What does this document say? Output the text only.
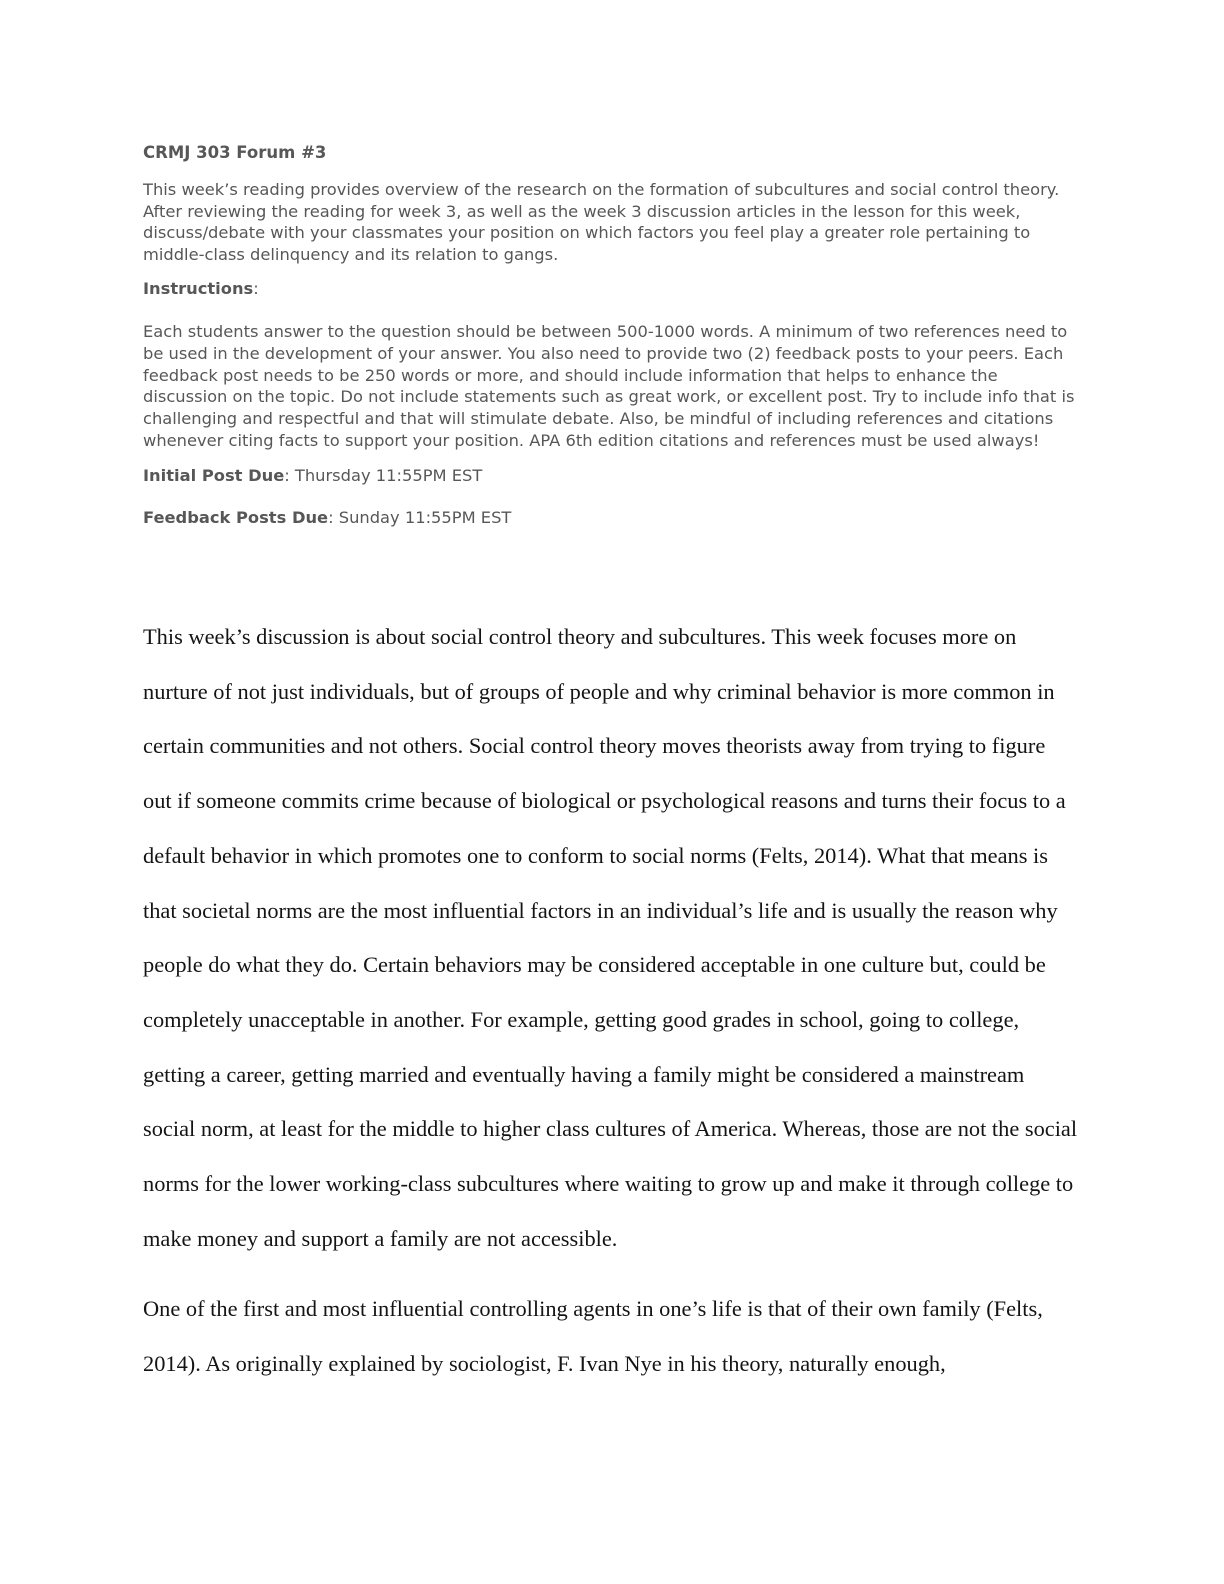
CRMJ 303 Forum #3

This week’s reading provides overview of the research on the formation of subcultures and social control theory. After reviewing the reading for week 3, as well as the week 3 discussion articles in the lesson for this week, discuss/debate with your classmates your position on which factors you feel play a greater role pertaining to middle-class delinquency and its relation to gangs.

Instructions:

Each students answer to the question should be between 500-1000 words. A minimum of two references need to be used in the development of your answer. You also need to provide two (2) feedback posts to your peers. Each feedback post needs to be 250 words or more, and should include information that helps to enhance the discussion on the topic. Do not include statements such as great work, or excellent post. Try to include info that is challenging and respectful and that will stimulate debate. Also, be mindful of including references and citations whenever citing facts to support your position. APA 6th edition citations and references must be used always!

Initial Post Due: Thursday 11:55PM EST

Feedback Posts Due: Sunday 11:55PM EST

This week’s discussion is about social control theory and subcultures. This week focuses more on nurture of not just individuals, but of groups of people and why criminal behavior is more common in certain communities and not others. Social control theory moves theorists away from trying to figure out if someone commits crime because of biological or psychological reasons and turns their focus to a default behavior in which promotes one to conform to social norms (Felts, 2014). What that means is that societal norms are the most influential factors in an individual’s life and is usually the reason why people do what they do. Certain behaviors may be considered acceptable in one culture but, could be completely unacceptable in another. For example, getting good grades in school, going to college, getting a career, getting married and eventually having a family might be considered a mainstream social norm, at least for the middle to higher class cultures of America. Whereas, those are not the social norms for the lower working-class subcultures where waiting to grow up and make it through college to make money and support a family are not accessible.

One of the first and most influential controlling agents in one’s life is that of their own family (Felts, 2014). As originally explained by sociologist, F. Ivan Nye in his theory, naturally enough,
